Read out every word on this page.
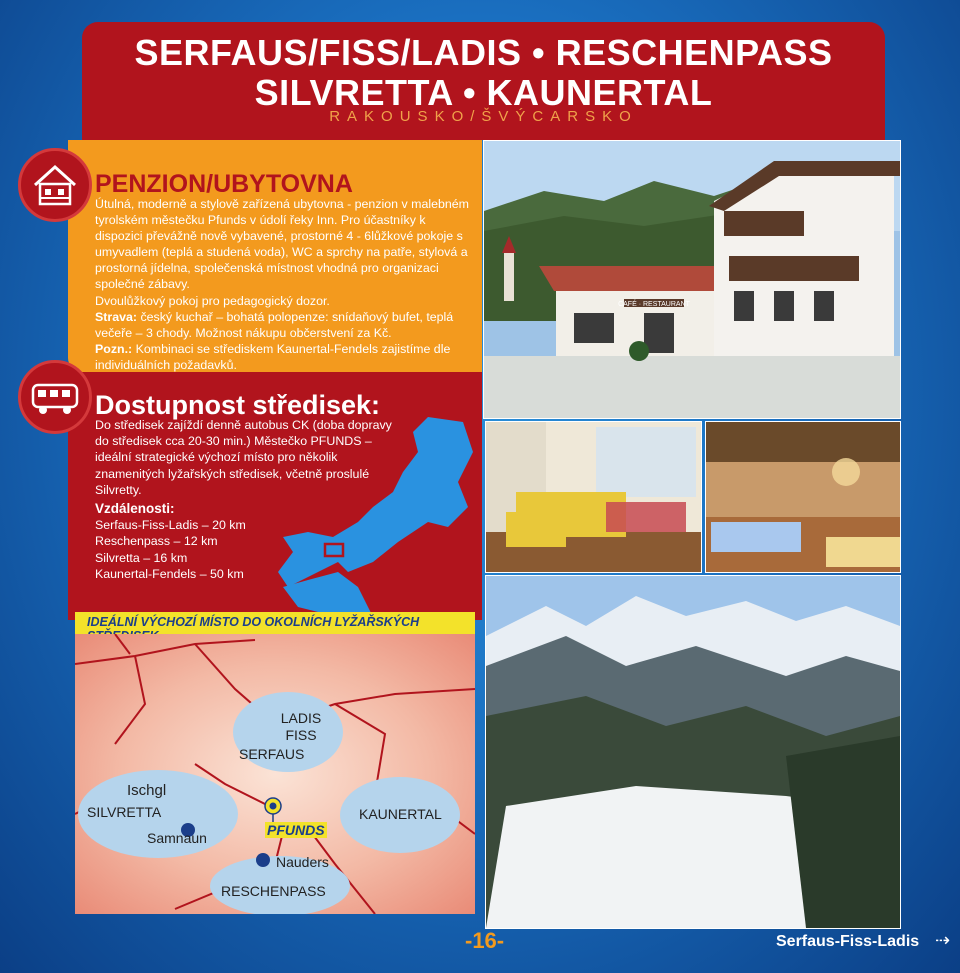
SERFAUS/FISS/LADIS • RESCHENPASS
SILVRETTA • KAUNERTAL
RAKOUSKO/ŠVÝCARSKO
PENZION/UBYTOVNA

Útulná, moderně a stylově zařízená ubytovna - penzion v malebném tyrolském městečku Pfunds v údolí řeky Inn. Pro účastníky k dispozici převážně nově vybavené, prostorné 4 - 6lůžkové pokoje s umyvadlem (teplá a studená voda), WC a sprchy na patře, stylová a prostorná jídelna, společenská místnost vhodná pro organizaci společné zábavy.

Dvoulůžkový pokoj pro pedagogický dozor.

Strava: český kuchař – bohatá polopenze: snídaňový bufet, teplá večeře – 3 chody. Možnost nákupu občerstvení za Kč.

Pozn.: Kombinaci se střediskem Kaunertal-Fendels zajistíme dle individuálních požadavků.

Dostupnost středisek:

Do středisek zajíždí denně autobus CK (doba dopravy do středisek cca 20-30 min.) Městečko PFUNDS – ideální strategické výchozí místo pro několik znamenitých lyžařských středisek, včetně proslulé Silvretty.

Vzdálenosti:

Serfaus-Fiss-Ladis – 20 km

Reschenpass – 12 km

Silvretta – 16 km

Kaunertal-Fendels – 50 km

IDEÁLNÍ VÝCHOZÍ MÍSTO DO OKOLNÍCH LYŽAŘSKÝCH
LADIS
FISS
SERFAUS
Ischgl
SILVRETTA
Samnaun	PFUNDS
KAUNERTAL
Nauders
RESCHENPASS
CAFÉ · RESTAURANT
-16-	Serfaus-Fiss-Ladis ⇢
